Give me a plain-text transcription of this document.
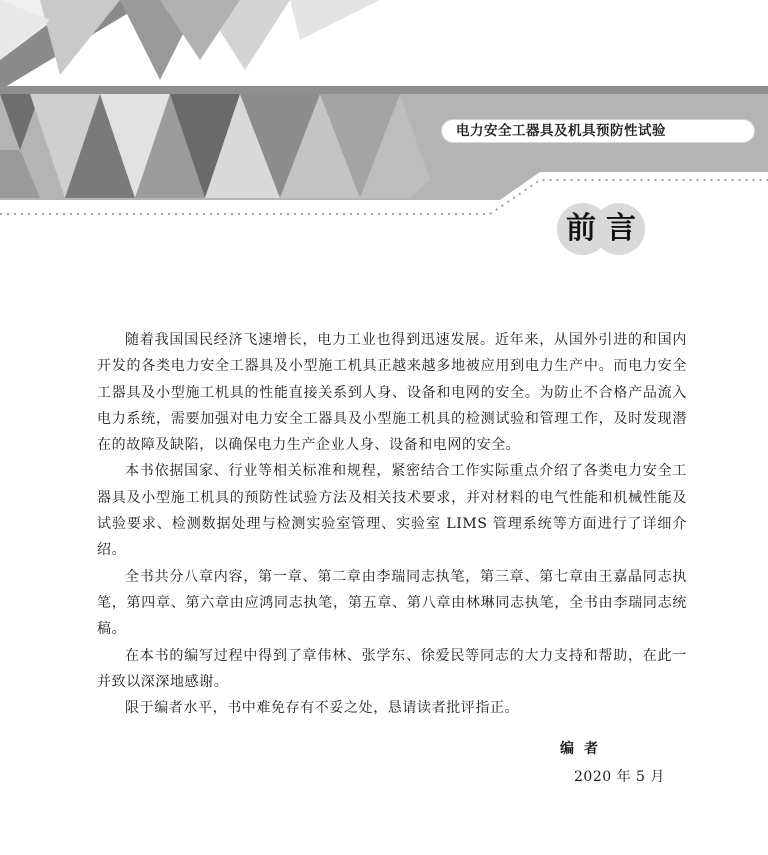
电力安全工器具及机具预防性试验
前言

随着我国国民经济飞速增长，电力工业也得到迅速发展。近年来，从国外引进的和国内开发的各类电力安全工器具及小型施工机具正越来越多地被应用到电力生产中。而电力安全工器具及小型施工机具的性能直接关系到人身、设备和电网的安全。为防止不合格产品流入电力系统，需要加强对电力安全工器具及小型施工机具的检测试验和管理工作，及时发现潜在的故障及缺陷，以确保电力生产企业人身、设备和电网的安全。

本书依据国家、行业等相关标准和规程，紧密结合工作实际重点介绍了各类电力安全工器具及小型施工机具的预防性试验方法及相关技术要求，并对材料的电气性能和机械性能及试验要求、检测数据处理与检测实验室管理、实验室 LIMS 管理系统等方面进行了详细介绍。

全书共分八章内容，第一章、第二章由李瑞同志执笔，第三章、第七章由王嘉晶同志执笔，第四章、第六章由应鸿同志执笔，第五章、第八章由林琳同志执笔，全书由李瑞同志统稿。

在本书的编写过程中得到了章伟林、张学东、徐爱民等同志的大力支持和帮助，在此一并致以深深地感谢。

限于编者水平，书中难免存有不妥之处，恳请读者批评指正。

编者
2020 年 5 月
